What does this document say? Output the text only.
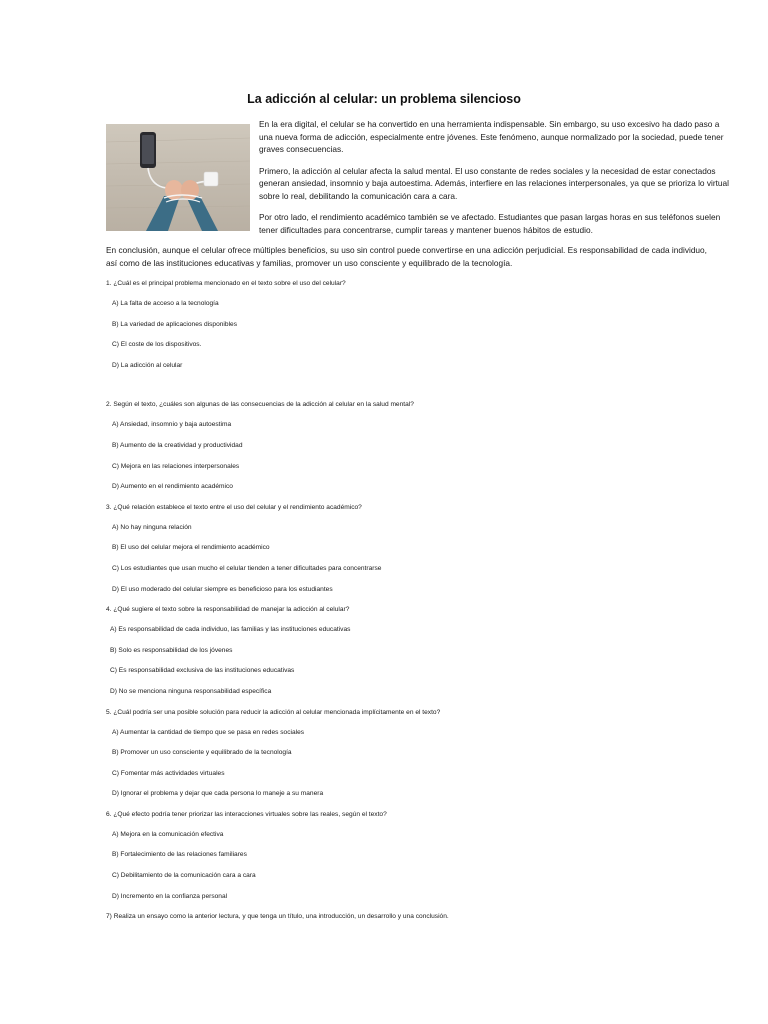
La adicción al celular: un problema silencioso

En la era digital, el celular se ha convertido en una herramienta indispensable. Sin embargo, su uso excesivo ha dado paso a una nueva forma de adicción, especialmente entre jóvenes. Este fenómeno, aunque normalizado por la sociedad, puede tener graves consecuencias.

Primero, la adicción al celular afecta la salud mental. El uso constante de redes sociales y la necesidad de estar conectados generan ansiedad, insomnio y baja autoestima. Además, interfiere en las relaciones interpersonales, ya que se prioriza lo virtual sobre lo real, debilitando la comunicación cara a cara.

Por otro lado, el rendimiento académico también se ve afectado. Estudiantes que pasan largas horas en sus teléfonos suelen tener dificultades para concentrarse, cumplir tareas y mantener buenos hábitos de estudio.

En conclusión, aunque el celular ofrece múltiples beneficios, su uso sin control puede convertirse en una adicción perjudicial. Es responsabilidad de cada individuo, así como de las instituciones educativas y familias, promover un uso consciente y equilibrado de la tecnología.

1. ¿Cuál es el principal problema mencionado en el texto sobre el uso del celular?

A) La falta de acceso a la tecnología

B) La variedad de aplicaciones disponibles

C) El coste de los dispositivos.

D) La adicción al celular

2. Según el texto, ¿cuáles son algunas de las consecuencias de la adicción al celular en la salud mental?

A) Ansiedad, insomnio y baja autoestima

B) Aumento de la creatividad y productividad

C) Mejora en las relaciones interpersonales

D) Aumento en el rendimiento académico

3. ¿Qué relación establece el texto entre el uso del celular y el rendimiento académico?

A) No hay ninguna relación

B) El uso del celular mejora el rendimiento académico

C) Los estudiantes que usan mucho el celular tienden a tener dificultades para concentrarse

D) El uso moderado del celular siempre es beneficioso para los estudiantes

4. ¿Qué sugiere el texto sobre la responsabilidad de manejar la adicción al celular?

A) Es responsabilidad de cada individuo, las familias y las instituciones educativas

B) Solo es responsabilidad de los jóvenes

C) Es responsabilidad exclusiva de las instituciones educativas

D) No se menciona ninguna responsabilidad específica

5. ¿Cuál podría ser una posible solución para reducir la adicción al celular mencionada implícitamente en el texto?

A) Aumentar la cantidad de tiempo que se pasa en redes sociales

B) Promover un uso consciente y equilibrado de la tecnología

C) Fomentar más actividades virtuales

D) Ignorar el problema y dejar que cada persona lo maneje a su manera

6. ¿Qué efecto podría tener priorizar las interacciones virtuales sobre las reales, según el texto?

A) Mejora en la comunicación efectiva

B) Fortalecimiento de las relaciones familiares

C) Debilitamiento de la comunicación cara a cara

D) Incremento en la confianza personal

7) Realiza un ensayo como la anterior lectura, y que tenga un título, una introducción, un desarrollo y una conclusión.
